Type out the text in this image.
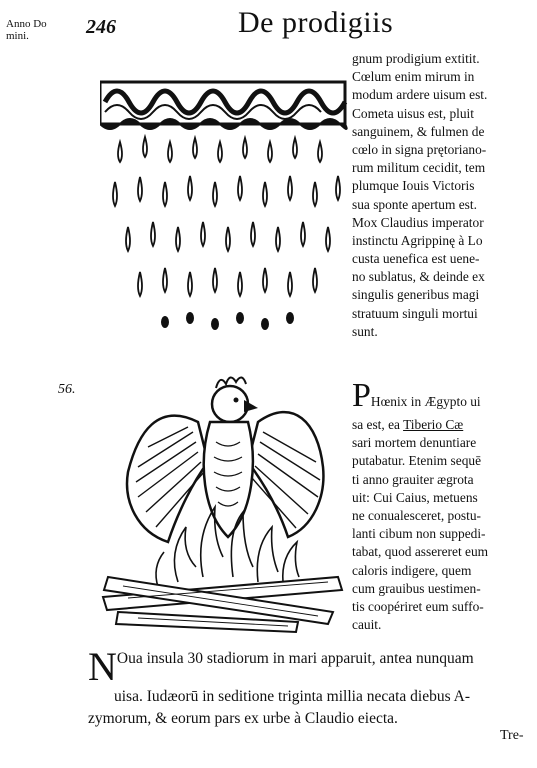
Anno Do
mini.	246	De prodigiis
gnum prodigium extitit.
Cœlum enim mirum in
modum ardere uisum est.
Cometa uisus est, pluit
sanguinem, & fulmen de
cœlo in signa prętoriano-
rum militum cecidit, tem
plumque Iouis Victoris
sua sponte apertum est.
Mox Claudius imperator
instinctu Agrippinę à Lo
custa uenefica est uene-
no sublatus, & deinde ex
singulis generibus magi
stratuum singuli mortui
sunt.
56.	PHœnix in Ægypto ui
sa est, ea Tiberio Cæ
sari mortem denuntiare
putabatur. Etenim sequē
ti anno grauiter ægrota
uit: Cui Caius, metuens
ne conualesceret, postu-
lanti cibum non suppedi-
tabat, quod assereret eum
caloris indigere, quem
cum grauibus uestimen-
tis coopériret eum suffo-
cauit.
NOua insula 30 stadiorum in mari apparuit, antea nunquam
uisa. Iudæorū in seditione triginta millia necata diebus A-
zymorum, & eorum pars ex urbe à Claudio eiecta.
Tre-
